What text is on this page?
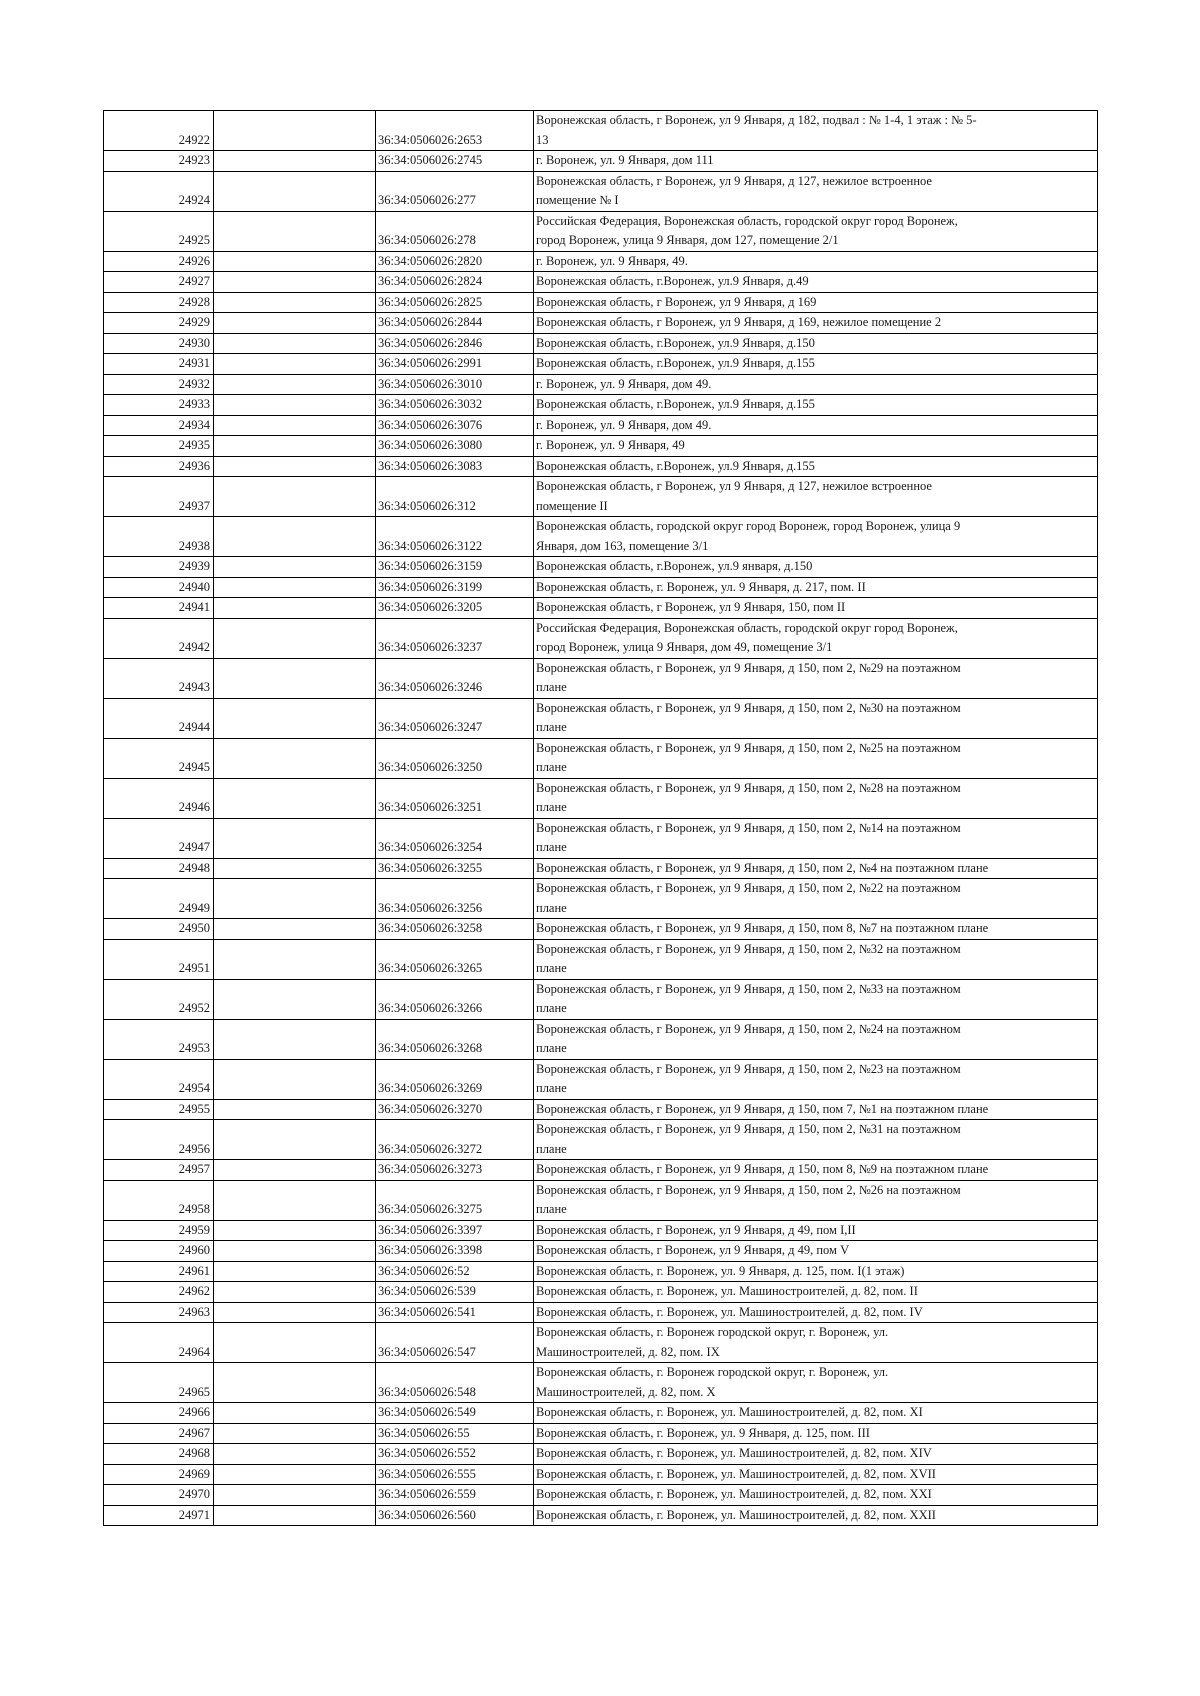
24922		36:34:0506026:2653	Воронежская область, г Воронеж, ул 9 Января, д 182, подвал : № 1-4, 1 этаж : № 5-
13
24923		36:34:0506026:2745	г. Воронеж, ул. 9 Января, дом 111
24924		36:34:0506026:277	Воронежская область, г Воронеж, ул 9 Января, д 127, нежилое встроенное
помещение № I
24925		36:34:0506026:278	Российская Федерация, Воронежская область, городской округ город Воронеж,
город Воронеж, улица 9 Января, дом 127, помещение 2/1
24926		36:34:0506026:2820	г. Воронеж, ул. 9 Января, 49.
24927		36:34:0506026:2824	Воронежская область, г.Воронеж, ул.9 Января, д.49
24928		36:34:0506026:2825	Воронежская область, г Воронеж, ул 9 Января, д 169
24929		36:34:0506026:2844	Воронежская область, г Воронеж, ул 9 Января, д 169, нежилое помещение 2
24930		36:34:0506026:2846	Воронежская область, г.Воронеж, ул.9 Января, д.150
24931		36:34:0506026:2991	Воронежская область, г.Воронеж, ул.9 Января, д.155
24932		36:34:0506026:3010	г. Воронеж, ул. 9 Января, дом 49.
24933		36:34:0506026:3032	Воронежская область, г.Воронеж, ул.9 Января, д.155
24934		36:34:0506026:3076	г. Воронеж, ул. 9 Января, дом 49.
24935		36:34:0506026:3080	г. Воронеж, ул. 9 Января, 49
24936		36:34:0506026:3083	Воронежская область, г.Воронеж, ул.9 Января, д.155
24937		36:34:0506026:312	Воронежская область, г Воронеж, ул 9 Января, д 127, нежилое встроенное
помещение II
24938		36:34:0506026:3122	Воронежская область, городской округ город Воронеж, город Воронеж, улица 9
Января, дом 163, помещение 3/1
24939		36:34:0506026:3159	Воронежская область, г.Воронеж, ул.9 января, д.150
24940		36:34:0506026:3199	Воронежская область, г. Воронеж, ул. 9 Января, д. 217, пом. II
24941		36:34:0506026:3205	Воронежская область, г Воронеж, ул 9 Января, 150, пом II
24942		36:34:0506026:3237	Российская Федерация, Воронежская область, городской округ город Воронеж,
город Воронеж, улица 9 Января, дом 49, помещение 3/1
24943		36:34:0506026:3246	Воронежская область, г Воронеж, ул 9 Января, д 150, пом 2, №29 на поэтажном
плане
24944		36:34:0506026:3247	Воронежская область, г Воронеж, ул 9 Января, д 150, пом 2, №30 на поэтажном
плане
24945		36:34:0506026:3250	Воронежская область, г Воронеж, ул 9 Января, д 150, пом 2, №25 на поэтажном
плане
24946		36:34:0506026:3251	Воронежская область, г Воронеж, ул 9 Января, д 150, пом 2, №28 на поэтажном
плане
24947		36:34:0506026:3254	Воронежская область, г Воронеж, ул 9 Января, д 150, пом 2, №14 на поэтажном
плане
24948		36:34:0506026:3255	Воронежская область, г Воронеж, ул 9 Января, д 150, пом 2, №4 на поэтажном плане
24949		36:34:0506026:3256	Воронежская область, г Воронеж, ул 9 Января, д 150, пом 2, №22 на поэтажном
плане
24950		36:34:0506026:3258	Воронежская область, г Воронеж, ул 9 Января, д 150, пом 8, №7 на поэтажном плане
24951		36:34:0506026:3265	Воронежская область, г Воронеж, ул 9 Января, д 150, пом 2, №32 на поэтажном
плане
24952		36:34:0506026:3266	Воронежская область, г Воронеж, ул 9 Января, д 150, пом 2, №33 на поэтажном
плане
24953		36:34:0506026:3268	Воронежская область, г Воронеж, ул 9 Января, д 150, пом 2, №24 на поэтажном
плане
24954		36:34:0506026:3269	Воронежская область, г Воронеж, ул 9 Января, д 150, пом 2, №23 на поэтажном
плане
24955		36:34:0506026:3270	Воронежская область, г Воронеж, ул 9 Января, д 150, пом 7, №1 на поэтажном плане
24956		36:34:0506026:3272	Воронежская область, г Воронеж, ул 9 Января, д 150, пом 2, №31 на поэтажном
плане
24957		36:34:0506026:3273	Воронежская область, г Воронеж, ул 9 Января, д 150, пом 8, №9 на поэтажном плане
24958		36:34:0506026:3275	Воронежская область, г Воронеж, ул 9 Января, д 150, пом 2, №26 на поэтажном
плане
24959		36:34:0506026:3397	Воронежская область, г Воронеж, ул 9 Января, д 49, пом I,II
24960		36:34:0506026:3398	Воронежская область, г Воронеж, ул 9 Января, д 49, пом V
24961		36:34:0506026:52	Воронежская область, г. Воронеж, ул. 9 Января, д. 125, пом. I(1 этаж)
24962		36:34:0506026:539	Воронежская область, г. Воронеж, ул. Машиностроителей, д. 82, пом. II
24963		36:34:0506026:541	Воронежская область, г. Воронеж, ул. Машиностроителей, д. 82, пом. IV
24964		36:34:0506026:547	Воронежская область, г. Воронеж городской округ, г. Воронеж, ул.
Машиностроителей, д. 82, пом. IX
24965		36:34:0506026:548	Воронежская область, г. Воронеж городской округ, г. Воронеж, ул.
Машиностроителей, д. 82, пом. X
24966		36:34:0506026:549	Воронежская область, г. Воронеж, ул. Машиностроителей, д. 82, пом. XI
24967		36:34:0506026:55	Воронежская область, г. Воронеж, ул. 9 Января, д. 125, пом. III
24968		36:34:0506026:552	Воронежская область, г. Воронеж, ул. Машиностроителей, д. 82, пом. XIV
24969		36:34:0506026:555	Воронежская область, г. Воронеж, ул. Машиностроителей, д. 82, пом. XVII
24970		36:34:0506026:559	Воронежская область, г. Воронеж, ул. Машиностроителей, д. 82, пом. XXI
24971		36:34:0506026:560	Воронежская область, г. Воронеж, ул. Машиностроителей, д. 82, пом. XXII
